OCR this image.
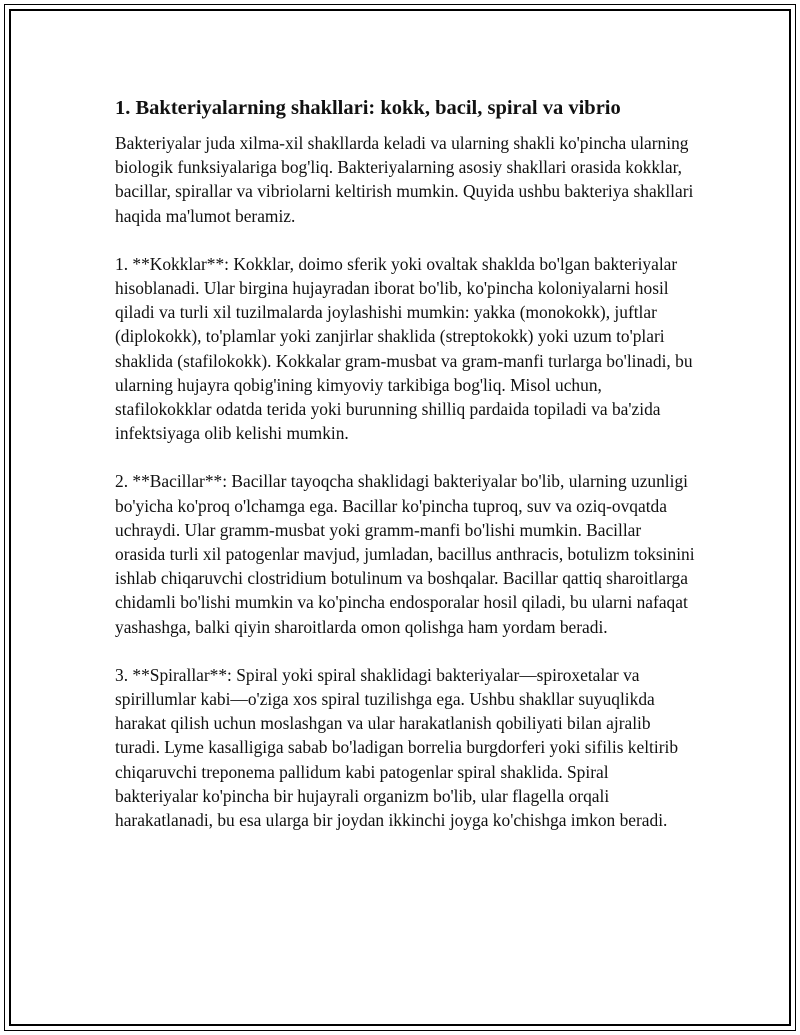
1. Bakteriyalarning shakllari: kokk, bacil, spiral va vibrio

Bakteriyalar juda xilma-xil shakllarda keladi va ularning shakli ko'pincha ularning biologik funksiyalariga bog'liq. Bakteriyalarning asosiy shakllari orasida kokklar, bacillar, spirallar va vibriolarni keltirish mumkin. Quyida ushbu bakteriya shakllari haqida ma'lumot beramiz.

1. **Kokklar**: Kokklar, doimo sferik yoki ovaltak shaklda bo'lgan bakteriyalar hisoblanadi. Ular birgina hujayradan iborat bo'lib, ko'pincha koloniyalarni hosil qiladi va turli xil tuzilmalarda joylashishi mumkin: yakka (monokokk), juftlar (diplokokk), to'plamlar yoki zanjirlar shaklida (streptokokk) yoki uzum to'plari shaklida (stafilokokk). Kokkalar gram-musbat va gram-manfi turlarga bo'linadi, bu ularning hujayra qobig'ining kimyoviy tarkibiga bog'liq. Misol uchun, stafilokokklar odatda terida yoki burunning shilliq pardaida topiladi va ba'zida infektsiyaga olib kelishi mumkin.

2. **Bacillar**: Bacillar tayoqcha shaklidagi bakteriyalar bo'lib, ularning uzunligi bo'yicha ko'proq o'lchamga ega. Bacillar ko'pincha tuproq, suv va oziq-ovqatda uchraydi. Ular gramm-musbat yoki gramm-manfi bo'lishi mumkin. Bacillar orasida turli xil patogenlar mavjud, jumladan, bacillus anthracis, botulizm toksinini ishlab chiqaruvchi clostridium botulinum va boshqalar. Bacillar qattiq sharoitlarga chidamli bo'lishi mumkin va ko'pincha endosporalar hosil qiladi, bu ularni nafaqat yashashga, balki qiyin sharoitlarda omon qolishga ham yordam beradi.

3. **Spirallar**: Spiral yoki spiral shaklidagi bakteriyalar—spiroxetalar va spirillumlar kabi—o'ziga xos spiral tuzilishga ega. Ushbu shakllar suyuqlikda harakat qilish uchun moslashgan va ular harakatlanish qobiliyati bilan ajralib turadi. Lyme kasalligiga sabab bo'ladigan borrelia burgdorferi yoki sifilis keltirib chiqaruvchi treponema pallidum kabi patogenlar spiral shaklida. Spiral bakteriyalar ko'pincha bir hujayrali organizm bo'lib, ular flagella orqali harakatlanadi, bu esa ularga bir joydan ikkinchi joyga ko'chishga imkon beradi.
